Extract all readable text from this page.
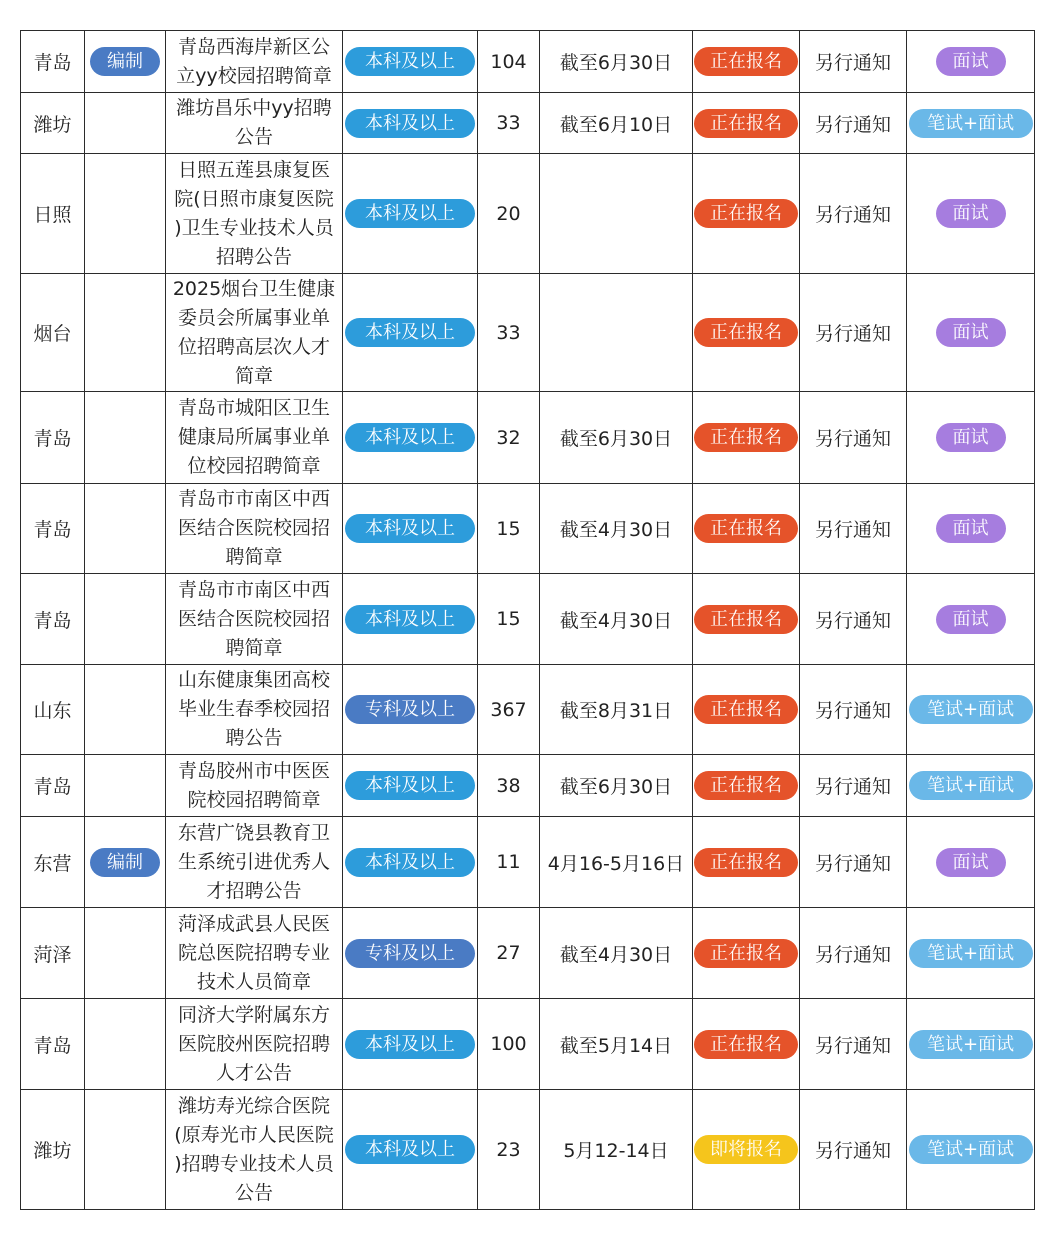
青岛	编制	青岛西海岸新区公
立yy校园招聘简章	本科及以上	104	截至6月30日	正在报名	另行通知	面试
潍坊		潍坊昌乐中yy招聘
公告	本科及以上	33	截至6月10日	正在报名	另行通知	笔试+面试
日照		日照五莲县康复医
院(日照市康复医院
)卫生专业技术人员
招聘公告	本科及以上	20		正在报名	另行通知	面试
烟台		2025烟台卫生健康
委员会所属事业单
位招聘高层次人才
简章	本科及以上	33		正在报名	另行通知	面试
青岛		青岛市城阳区卫生
健康局所属事业单
位校园招聘简章	本科及以上	32	截至6月30日	正在报名	另行通知	面试
青岛		青岛市市南区中西
医结合医院校园招
聘简章	本科及以上	15	截至4月30日	正在报名	另行通知	面试
青岛		青岛市市南区中西
医结合医院校园招
聘简章	本科及以上	15	截至4月30日	正在报名	另行通知	面试
山东		山东健康集团高校
毕业生春季校园招
聘公告	专科及以上	367	截至8月31日	正在报名	另行通知	笔试+面试
青岛		青岛胶州市中医医
院校园招聘简章	本科及以上	38	截至6月30日	正在报名	另行通知	笔试+面试
东营	编制	东营广饶县教育卫
生系统引进优秀人
才招聘公告	本科及以上	11	4月16-5月16日	正在报名	另行通知	面试
菏泽		菏泽成武县人民医
院总医院招聘专业
技术人员简章	专科及以上	27	截至4月30日	正在报名	另行通知	笔试+面试
青岛		同济大学附属东方
医院胶州医院招聘
人才公告	本科及以上	100	截至5月14日	正在报名	另行通知	笔试+面试
潍坊		潍坊寿光综合医院
(原寿光市人民医院
)招聘专业技术人员
公告	本科及以上	23	5月12-14日	即将报名	另行通知	笔试+面试
